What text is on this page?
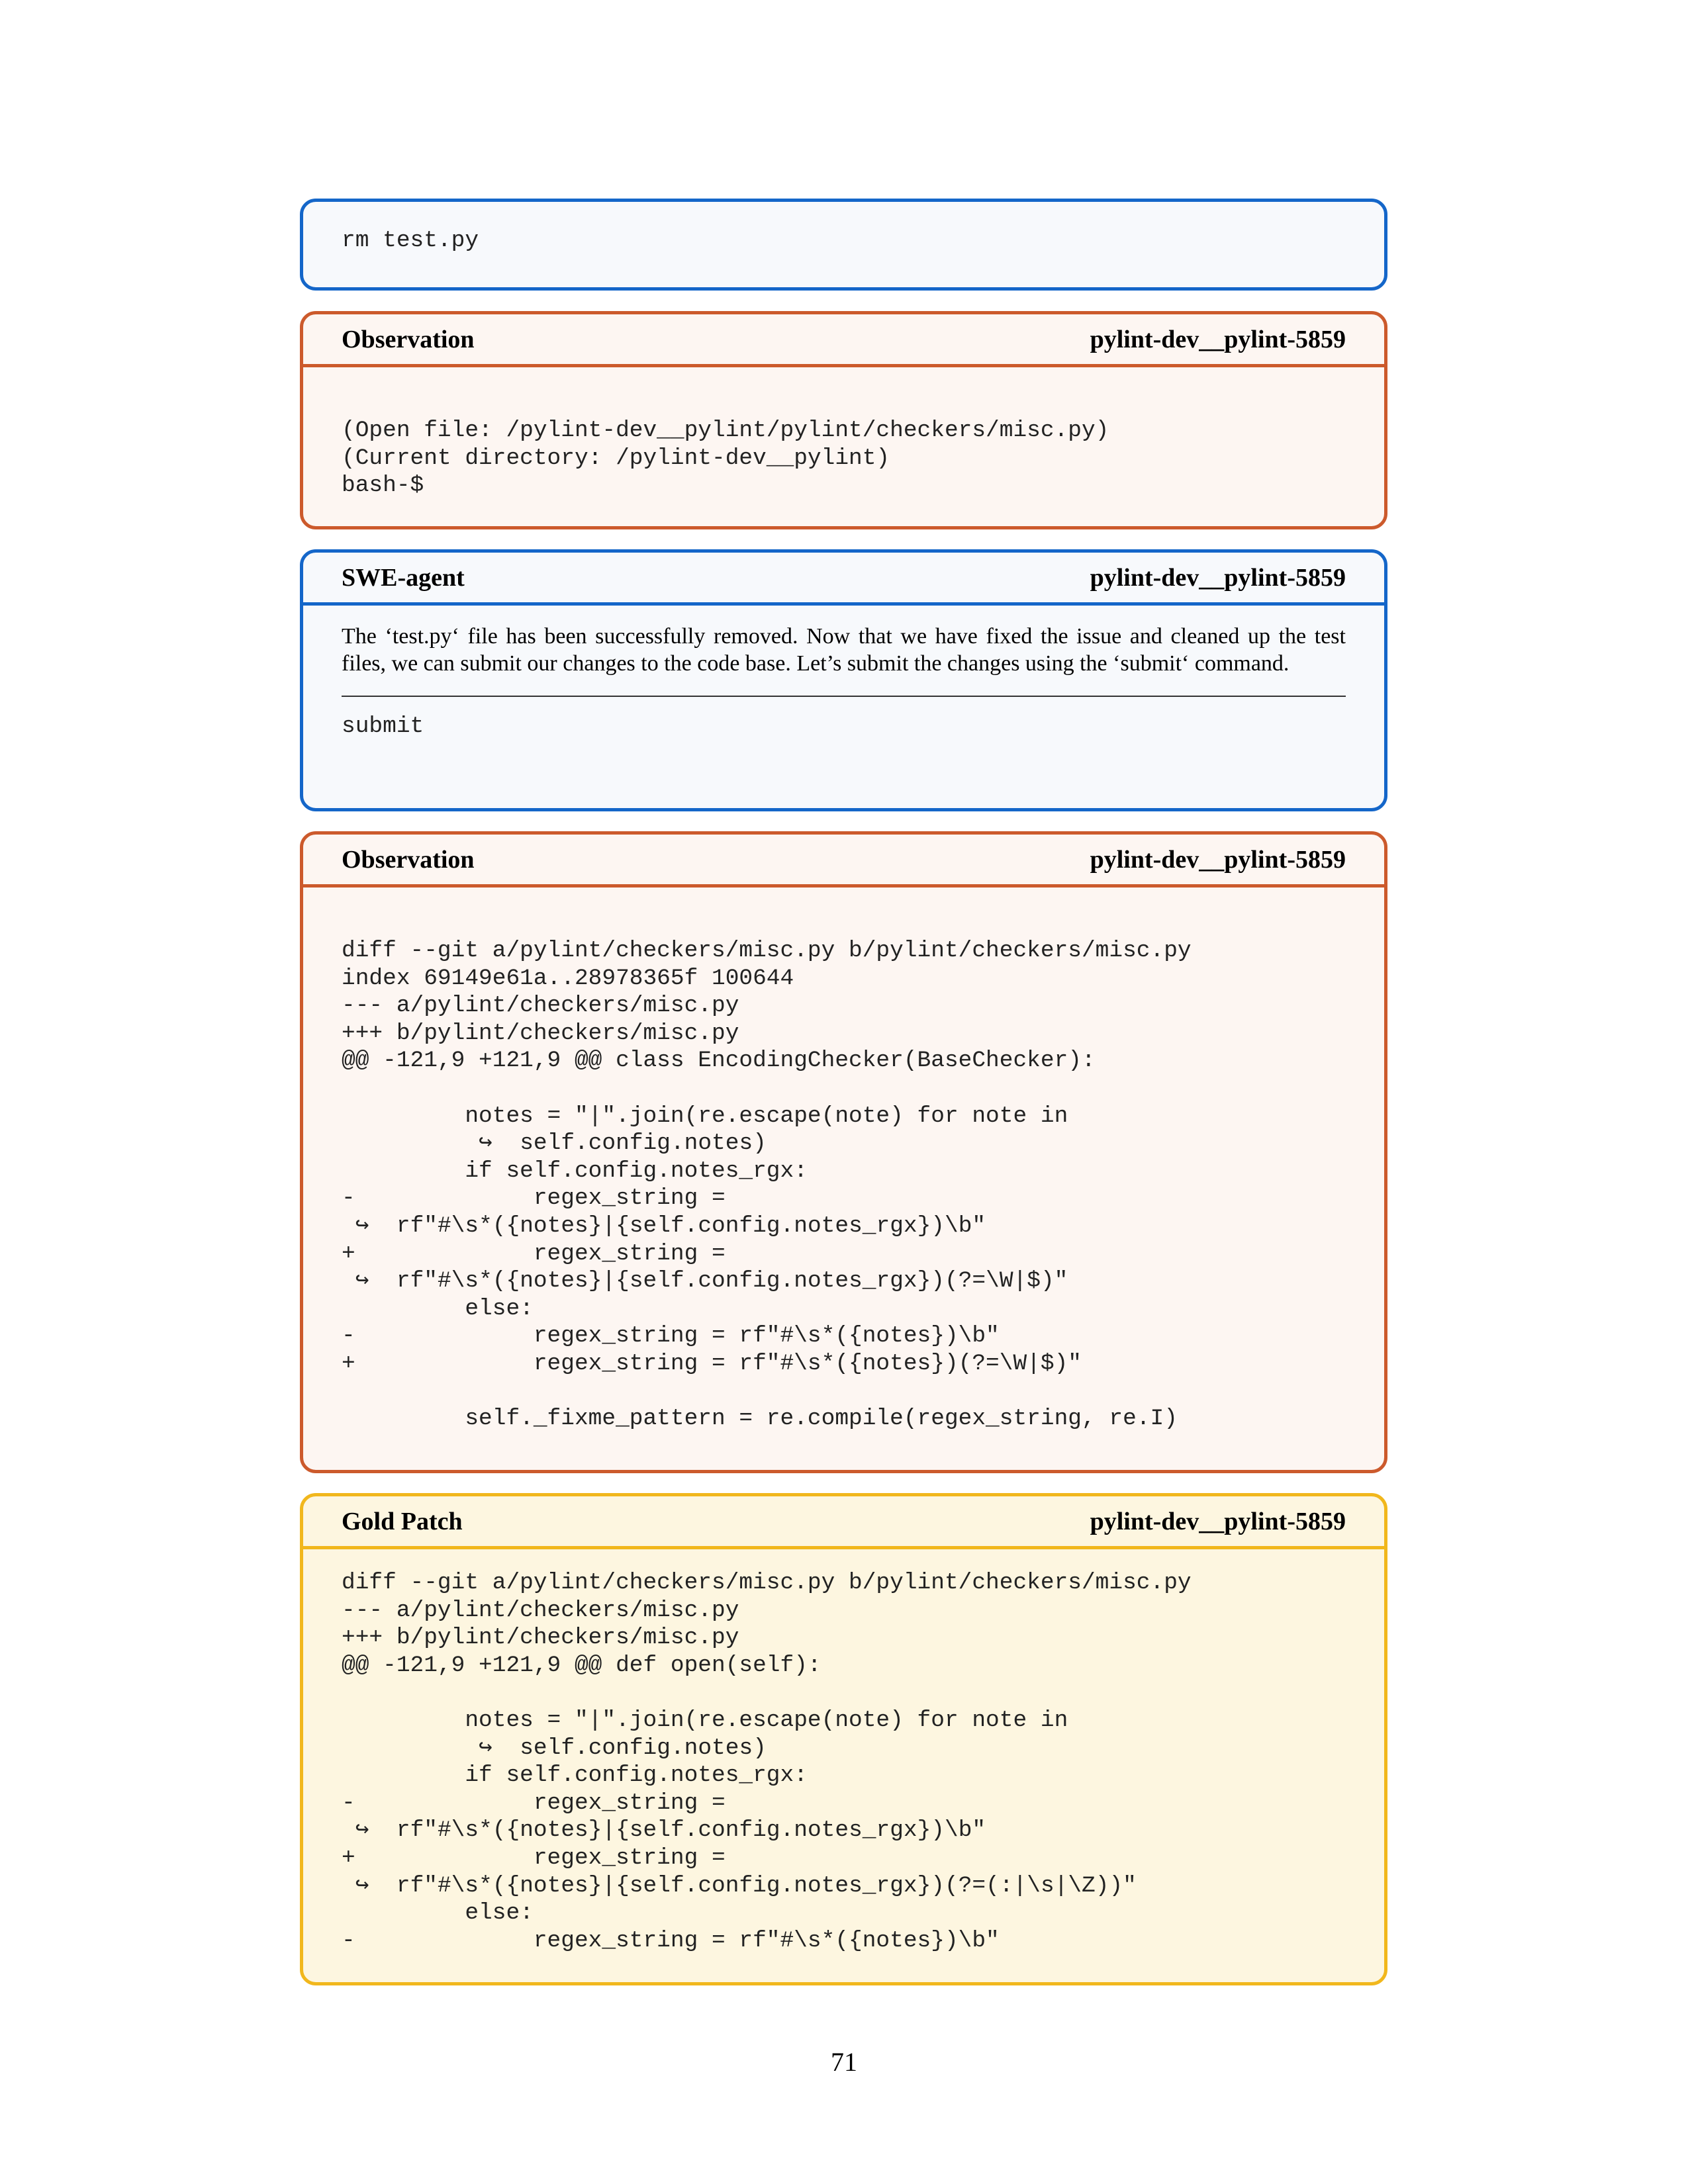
rm test.py
Observation	pylint-dev__pylint-5859
(Open file: /pylint-dev__pylint/pylint/checkers/misc.py)
(Current directory: /pylint-dev__pylint)
bash-$
SWE-agent	pylint-dev__pylint-5859

The ‘test.py‘ file has been successfully removed. Now that we have fixed the issue and cleaned up the test files, we can submit our changes to the code base. Let’s submit the changes using the ‘submit‘ command.

submit
Observation	pylint-dev__pylint-5859
diff --git a/pylint/checkers/misc.py b/pylint/checkers/misc.py
index 69149e61a..28978365f 100644
--- a/pylint/checkers/misc.py
+++ b/pylint/checkers/misc.py
@@ -121,9 +121,9 @@ class EncodingChecker(BaseChecker):

notes = "|".join(re.escape(note) for note in
↪  self.config.notes)
if self.config.notes_rgx:
-             regex_string =
↪  rf"#\s*({notes}|{self.config.notes_rgx})\b"
+             regex_string =
↪  rf"#\s*({notes}|{self.config.notes_rgx})(?=\W|$)"
else:
-             regex_string = rf"#\s*({notes})\b"
+             regex_string = rf"#\s*({notes})(?=\W|$)"

self._fixme_pattern = re.compile(regex_string, re.I)
Gold Patch	pylint-dev__pylint-5859
diff --git a/pylint/checkers/misc.py b/pylint/checkers/misc.py
--- a/pylint/checkers/misc.py
+++ b/pylint/checkers/misc.py
@@ -121,9 +121,9 @@ def open(self):

notes = "|".join(re.escape(note) for note in
↪  self.config.notes)
if self.config.notes_rgx:
-             regex_string =
↪  rf"#\s*({notes}|{self.config.notes_rgx})\b"
+             regex_string =
↪  rf"#\s*({notes}|{self.config.notes_rgx})(?=(:|\s|\Z))"
else:
-             regex_string = rf"#\s*({notes})\b"
71
